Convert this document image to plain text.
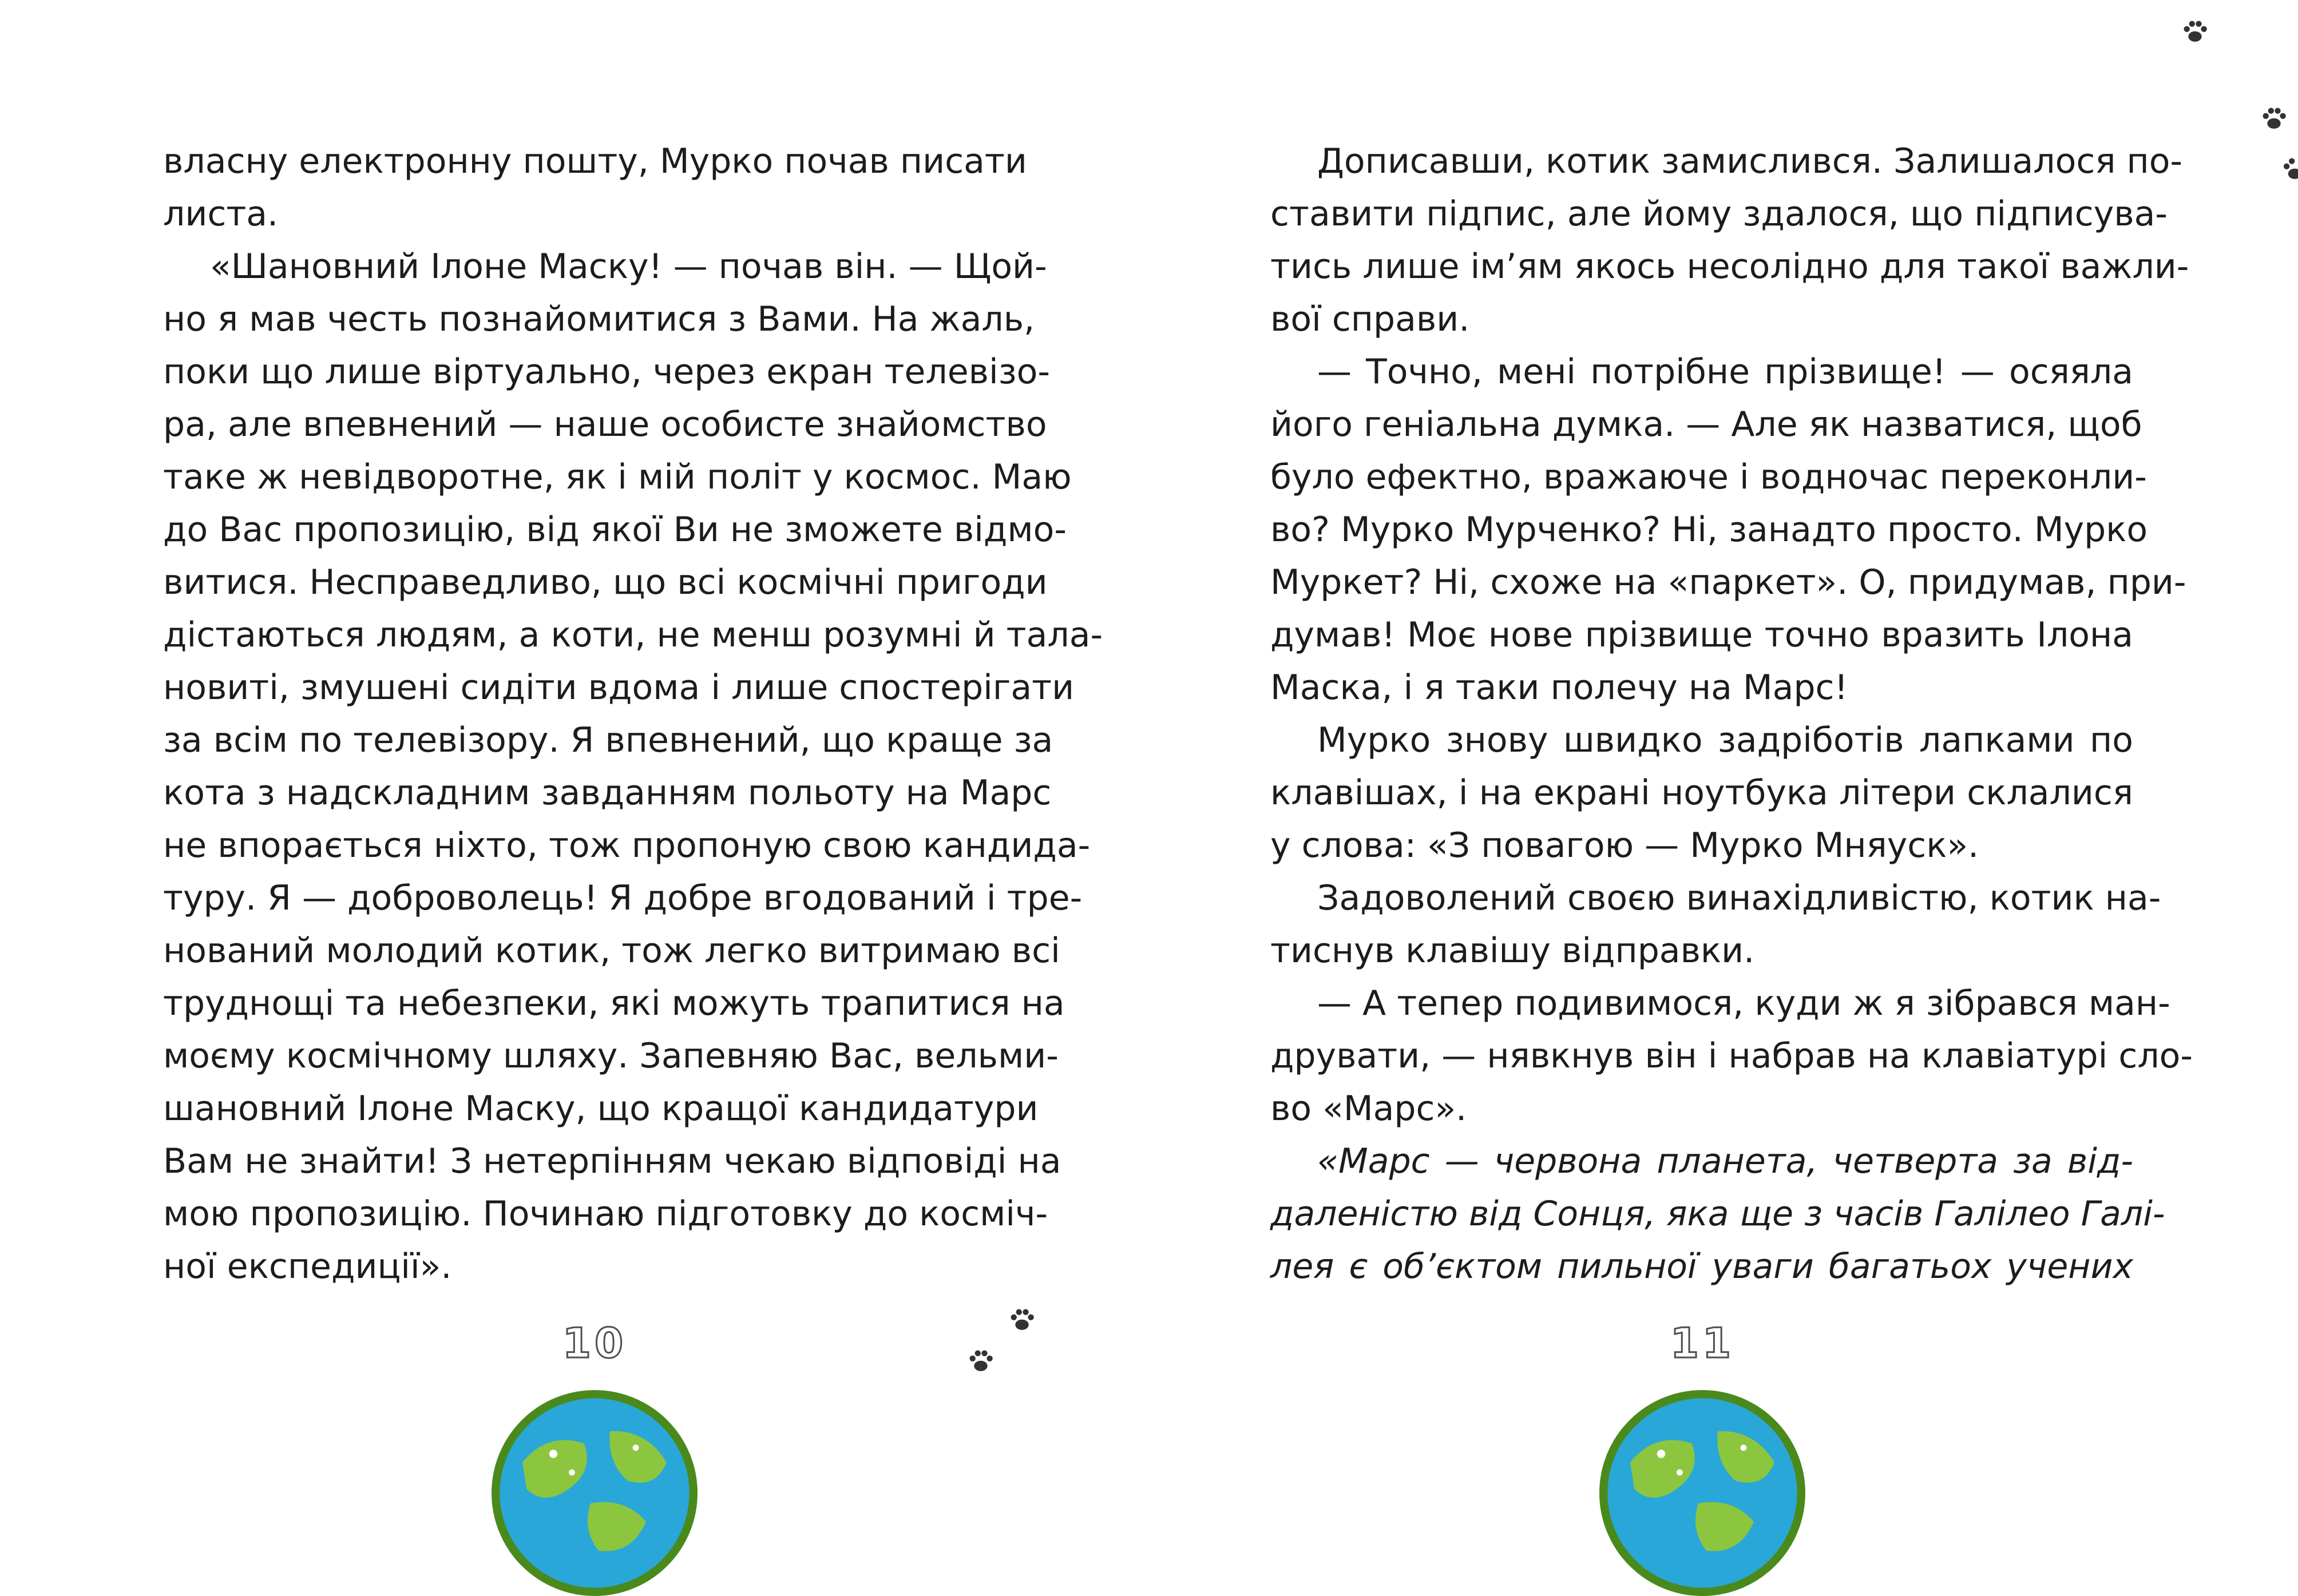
власну електронну пошту, Мурко почав писати
листа.
«Шановний Ілоне Маску! — почав він. — Щой-
но я мав честь познайомитися з Вами. На жаль,
поки що лише віртуально, через екран телевізо-
ра, але впевнений — наше особисте знайомство
таке ж невідворотне, як і мій політ у космос. Маю
до Вас пропозицію, від якої Ви не зможете відмо-
витися. Несправедливо, що всі космічні пригоди
дістаються людям, а коти, не менш розумні й тала-
новиті, змушені сидіти вдома і лише спостерігати
за всім по телевізору. Я впевнений, що краще за
кота з надскладним завданням польоту на Марс
не впорається ніхто, тож пропоную свою кандида-
туру. Я — доброволець! Я добре вгодований і тре-
нований молодий котик, тож легко витримаю всі
труднощі та небезпеки, які можуть трапитися на
моєму космічному шляху. Запевняю Вас, вельми-
шановний Ілоне Маску, що кращої кандидатури
Вам не знайти! З нетерпінням чекаю відповіді на
мою пропозицію. Починаю підготовку до косміч-
ної експедиції».
10
Дописавши, котик замислився. Залишалося по-
ставити підпис, але йому здалося, що підписува-
тись лише ім’ям якось несолідно для такої важли-
вої справи.
— Точно, мені потрібне прізвище! — осяяла
його геніальна думка. — Але як назватися, щоб
було ефектно, вражаюче і водночас переконли-
во? Мурко Мурченко? Ні, занадто просто. Мурко
Муркет? Ні, схоже на «паркет». О, придумав, при-
думав! Моє нове прізвище точно вразить Ілона
Маска, і я таки полечу на Марс!
Мурко знову швидко задріботів лапками по
клавішах, і на екрані ноутбука літери склалися
у слова: «З повагою — Мурко Мняуск».
Задоволений своєю винахідливістю, котик на-
тиснув клавішу відправки.
— А тепер подивимося, куди ж я зібрався ман-
друвати, — нявкнув він і набрав на клавіатурі сло-
во «Марс».
«Марс — червона планета, четверта за від-
даленістю від Сонця, яка ще з часів Галілео Галі-
лея є об’єктом пильної уваги багатьох учених
11
